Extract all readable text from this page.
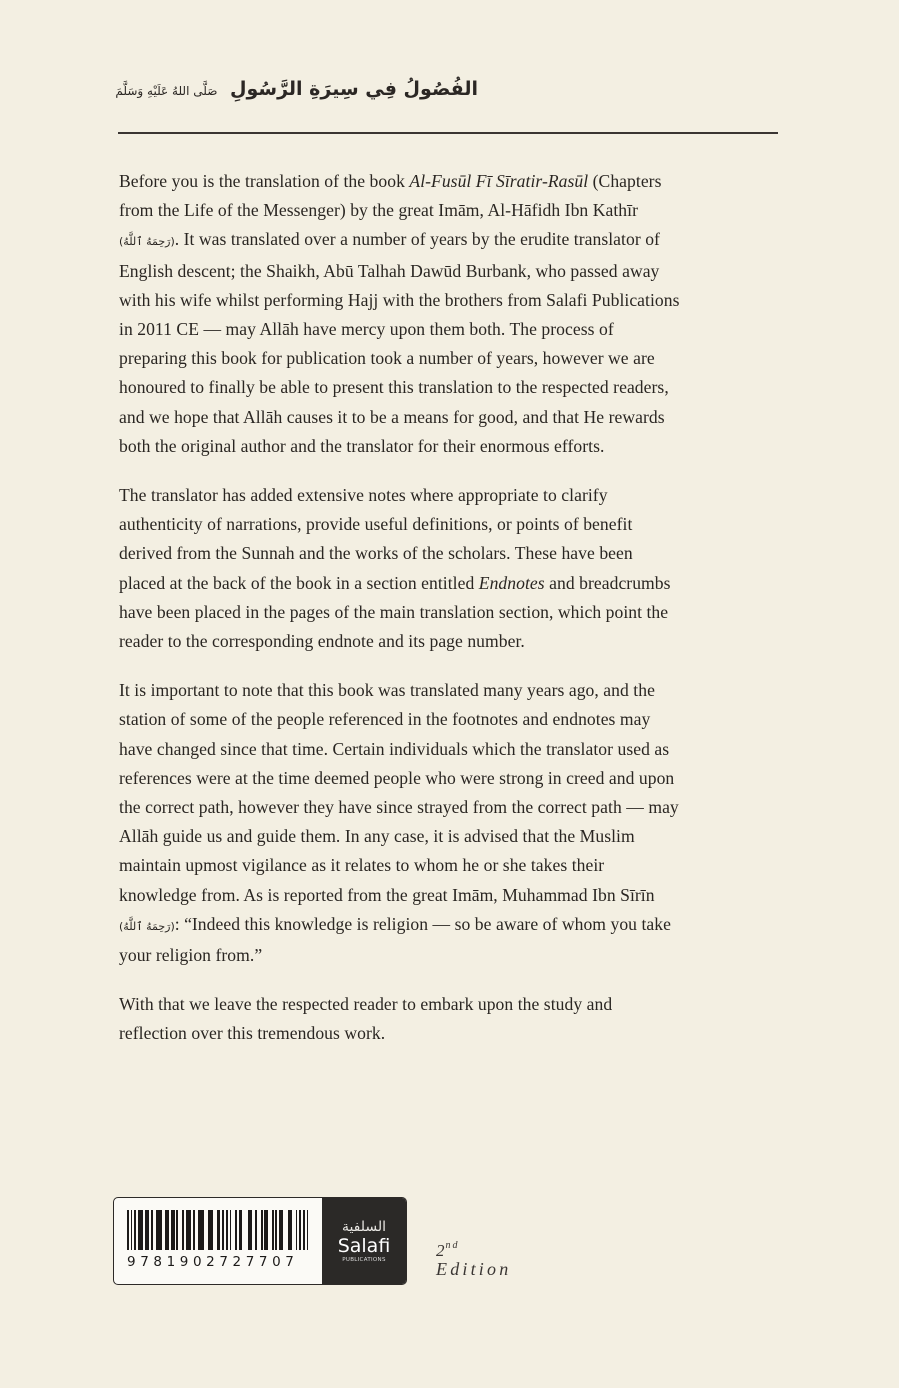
الفُصُولُ فِي سِيرَةِ الرَّسُولِ صَلَّى اللهُ عَلَيْهِ وَسَلَّمَ
Before you is the translation of the book Al-Fusūl Fī Sīratir-Rasūl (Chapters
from the Life of the Messenger) by the great Imām, Al-Hāfidh Ibn Kathīr
(رَحِمَهُ ٱللَّهُ). It was translated over a number of years by the erudite translator of
English descent; the Shaikh, Abū Talhah Dawūd Burbank, who passed away
with his wife whilst performing Hajj with the brothers from Salafi Publications
in 2011 CE — may Allāh have mercy upon them both. The process of
preparing this book for publication took a number of years, however we are
honoured to finally be able to present this translation to the respected readers,
and we hope that Allāh causes it to be a means for good, and that He rewards
both the original author and the translator for their enormous efforts.
The translator has added extensive notes where appropriate to clarify
authenticity of narrations, provide useful definitions, or points of benefit
derived from the Sunnah and the works of the scholars. These have been
placed at the back of the book in a section entitled Endnotes and breadcrumbs
have been placed in the pages of the main translation section, which point the
reader to the corresponding endnote and its page number.
It is important to note that this book was translated many years ago, and the
station of some of the people referenced in the footnotes and endnotes may
have changed since that time. Certain individuals which the translator used as
references were at the time deemed people who were strong in creed and upon
the correct path, however they have since strayed from the correct path — may
Allāh guide us and guide them. In any case, it is advised that the Muslim
maintain upmost vigilance as it relates to whom he or she takes their
knowledge from. As is reported from the great Imām, Muhammad Ibn Sīrīn
(رَحِمَهُ ٱللَّهُ): “Indeed this knowledge is religion — so be aware of whom you take
your religion from.”
With that we leave the respected reader to embark upon the study and
reflection over this tremendous work.
9781902727707
السلفية
Salafi
PUBLICATIONS	2nd
Edition
